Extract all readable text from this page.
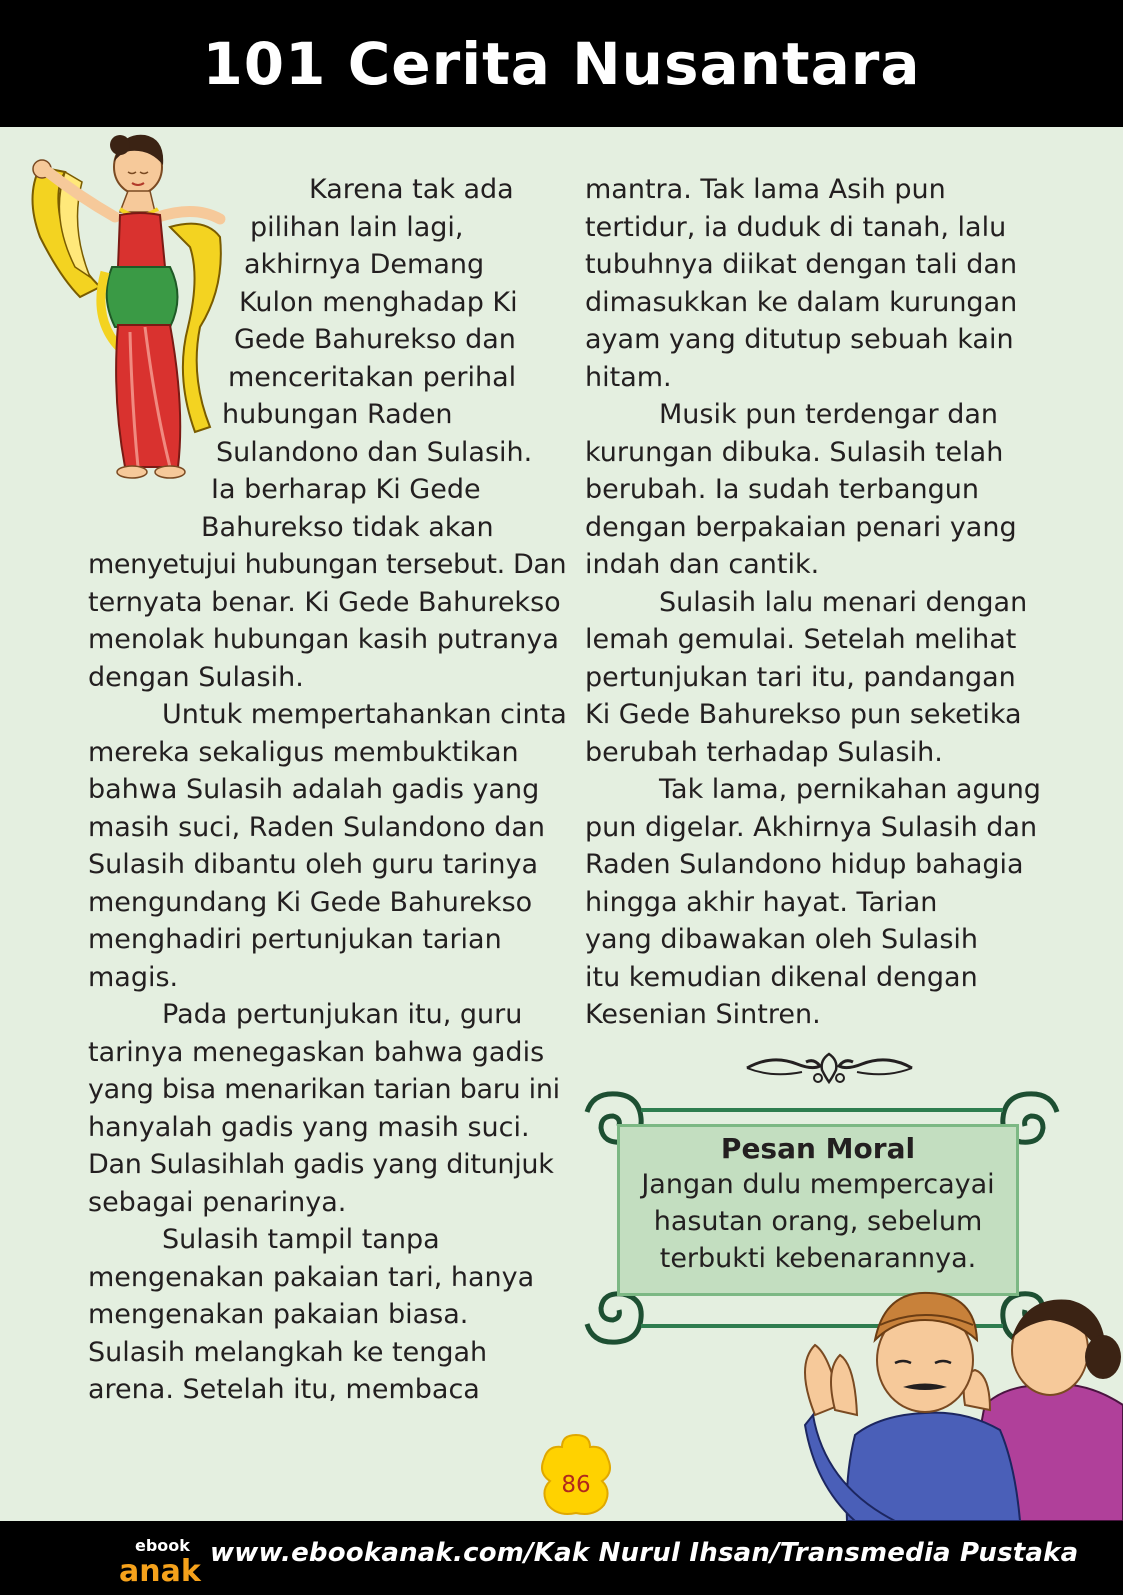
101 Cerita Nusantara
Karena tak ada
pilihan lain lagi,
akhirnya Demang
Kulon menghadap Ki
Gede Bahurekso dan
menceritakan perihal
hubungan Raden
Sulandono dan Sulasih.
Ia berharap Ki Gede
Bahurekso tidak akan
menyetujui hubungan tersebut. Dan
ternyata benar. Ki Gede Bahurekso
menolak hubungan kasih putranya
dengan Sulasih.
Untuk mempertahankan cinta
mereka sekaligus membuktikan
bahwa Sulasih adalah gadis yang
masih suci, Raden Sulandono dan
Sulasih dibantu oleh guru tarinya
mengundang Ki Gede Bahurekso
menghadiri pertunjukan tarian
magis.
Pada pertunjukan itu, guru
tarinya menegaskan bahwa gadis
yang bisa menarikan tarian baru ini
hanyalah gadis yang masih suci.
Dan Sulasihlah gadis yang ditunjuk
sebagai penarinya.
Sulasih tampil tanpa
mengenakan pakaian tari, hanya
mengenakan pakaian biasa.
Sulasih melangkah ke tengah
arena. Setelah itu, membaca
mantra. Tak lama Asih pun
tertidur, ia duduk di tanah, lalu
tubuhnya diikat dengan tali dan
dimasukkan ke dalam kurungan
ayam yang ditutup sebuah kain
hitam.
Musik pun terdengar dan
kurungan dibuka. Sulasih telah
berubah. Ia sudah terbangun
dengan berpakaian penari yang
indah dan cantik.
Sulasih lalu menari dengan
lemah gemulai. Setelah melihat
pertunjukan tari itu, pandangan
Ki Gede Bahurekso pun seketika
berubah terhadap Sulasih.
Tak lama, pernikahan agung
pun digelar. Akhirnya Sulasih dan
Raden Sulandono hidup bahagia
hingga akhir hayat. Tarian
yang dibawakan oleh Sulasih
itu kemudian dikenal dengan
Kesenian Sintren.
Pesan Moral
Jangan dulu mempercayai
hasutan orang, sebelum
terbukti kebenarannya.
86
ebook
anak
www.ebookanak.com/Kak Nurul Ihsan/Transmedia Pustaka
